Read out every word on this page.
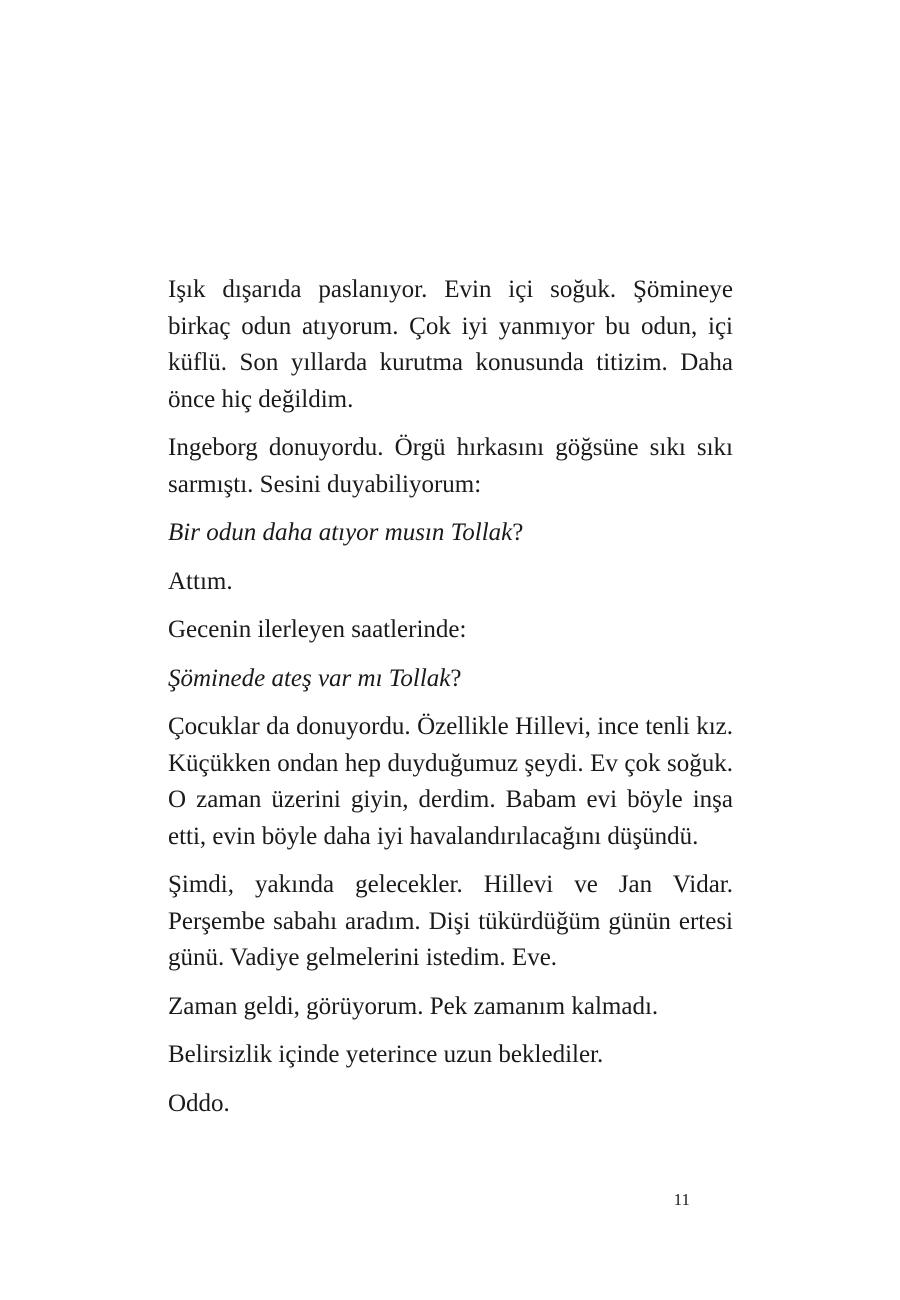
Işık dışarıda paslanıyor. Evin içi soğuk. Şömineye birkaç odun atıyorum. Çok iyi yanmıyor bu odun, içi küflü. Son yıllarda kurutma konusunda titizim. Daha önce hiç değildim.

Ingeborg donuyordu. Örgü hırkasını göğsüne sıkı sıkı sarmıştı. Sesini duyabiliyorum:

Bir odun daha atıyor musın Tollak?

Attım.

Gecenin ilerleyen saatlerinde:

Şöminede ateş var mı Tollak?

Çocuklar da donuyordu. Özellikle Hillevi, ince tenli kız. Küçükken ondan hep duyduğumuz şeydi. Ev çok soğuk. O zaman üzerini giyin, derdim. Babam evi böyle inşa etti, evin böyle daha iyi havalandırılacağını düşündü.

Şimdi, yakında gelecekler. Hillevi ve Jan Vidar. Perşembe sabahı aradım. Dişi tükürdüğüm günün ertesi günü. Vadiye gelmelerini istedim. Eve.

Zaman geldi, görüyorum. Pek zamanım kalmadı.

Belirsizlik içinde yeterince uzun beklediler.

Oddo.

11
